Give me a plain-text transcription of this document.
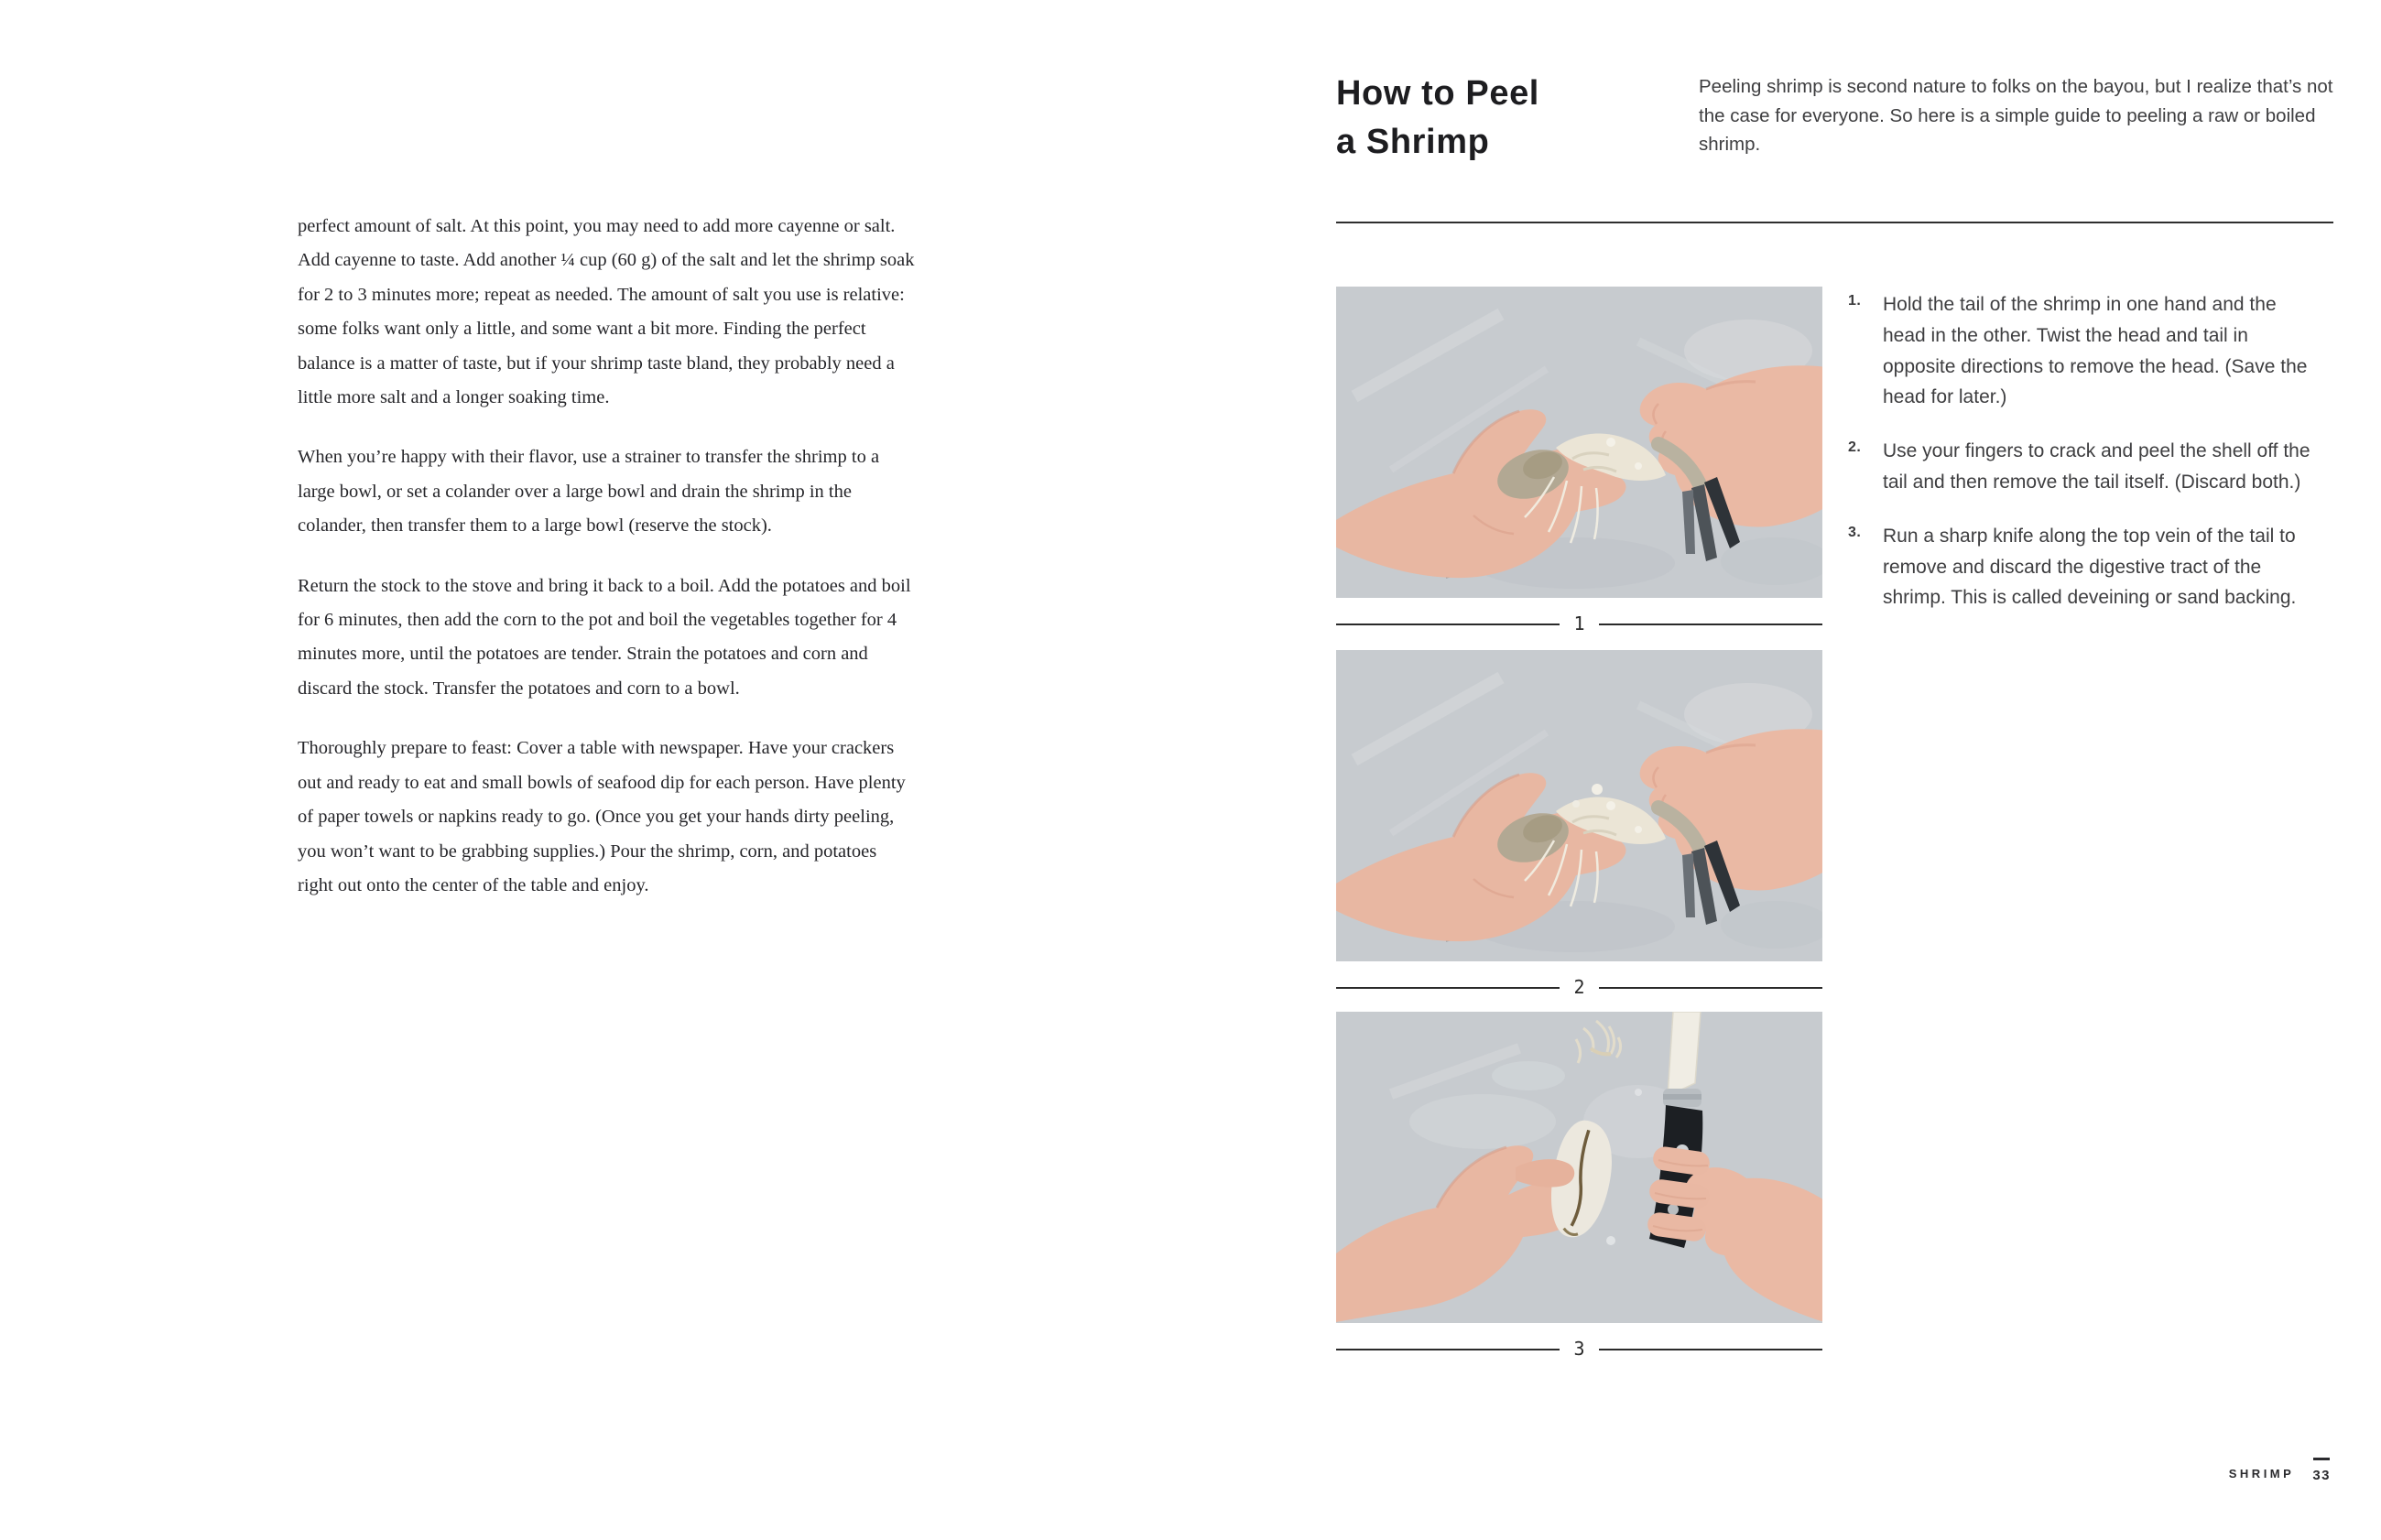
perfect amount of salt. At this point, you may need to add more cayenne or salt. Add cayenne to taste. Add another ¼ cup (60 g) of the salt and let the shrimp soak for 2 to 3 minutes more; repeat as needed. The amount of salt you use is relative: some folks want only a little, and some want a bit more. Finding the perfect balance is a matter of taste, but if your shrimp taste bland, they probably need a little more salt and a longer soaking time.

When you’re happy with their flavor, use a strainer to transfer the shrimp to a large bowl, or set a colander over a large bowl and drain the shrimp in the colander, then transfer them to a large bowl (reserve the stock).

Return the stock to the stove and bring it back to a boil. Add the potatoes and boil for 6 minutes, then add the corn to the pot and boil the vegetables together for 4 minutes more, until the potatoes are tender. Strain the potatoes and corn and discard the stock. Transfer the potatoes and corn to a bowl.

Thoroughly prepare to feast: Cover a table with newspaper. Have your crackers out and ready to eat and small bowls of seafood dip for each person. Have plenty of paper towels or napkins ready to go. (Once you get your hands dirty peeling, you won’t want to be grabbing supplies.) Pour the shrimp, corn, and potatoes right out onto the center of the table and enjoy.

How to Peel
a Shrimp
Peeling shrimp is second nature to folks on the bayou, but I realize that’s not the case for everyone. So here is a simple guide to peeling a raw or boiled shrimp.
1
2
3
1.	Hold the tail of the shrimp in one hand and the head in the other. Twist the head and tail in opposite directions to remove the head. (Save the head for later.)
2.	Use your fingers to crack and peel the shell off the tail and then remove the tail itself. (Discard both.)
3.	Run a sharp knife along the top vein of the tail to remove and discard the digestive tract of the shrimp. This is called deveining or sand backing.
SHRIMP 33
